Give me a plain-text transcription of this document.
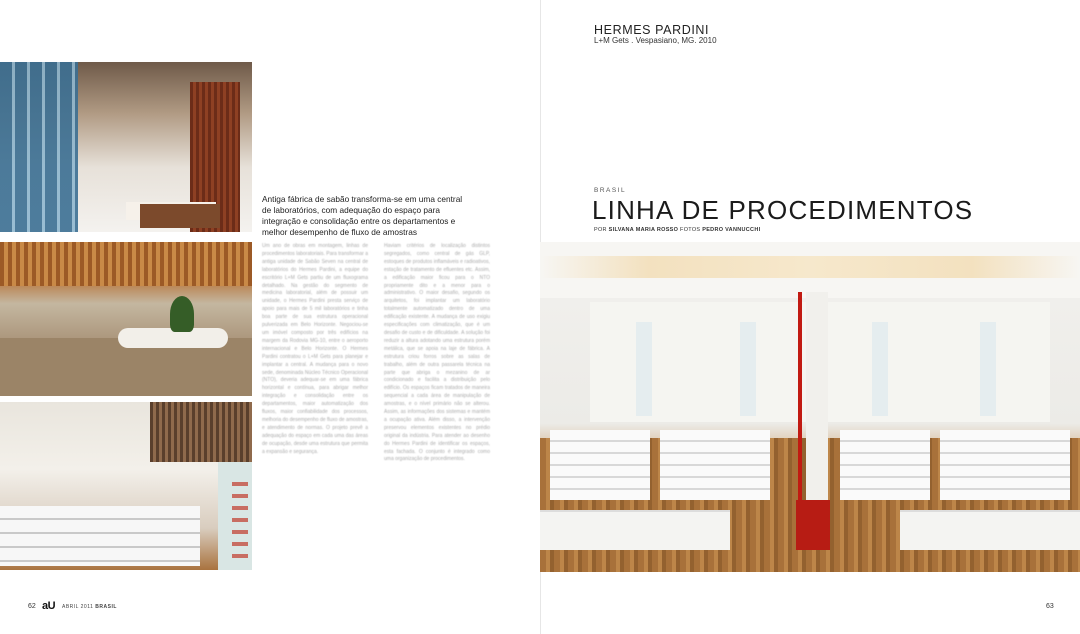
HERMES PARDINI
L+M Gets . Vespasiano, MG. 2010
BRASIL
LINHA DE PROCEDIMENTOS
POR SILVANA MARIA ROSSO FOTOS PEDRO VANNUCCHI
Antiga fábrica de sabão transforma-se em uma central de laboratórios, com adequação do espaço para integração e consolidação entre os departamentos e melhor desempenho de fluxo de amostras
Um ano de obras em montagem, linhas de procedimentos laboratoriais. Para transformar a antiga unidade de Sabão Seven na central de laboratórios do Hermes Pardini, a equipe do escritório L+M Gets partiu de um fluxograma detalhado. Na gestão do segmento de medicina laboratorial, além de possuir um unidade, o Hermes Pardini presta serviço de apoio para mais de 5 mil laboratórios e tinha boa parte de sua estrutura operacional pulverizada em Belo Horizonte. Negociou-se um imóvel composto por três edifícios na margem da Rodovia MG-10, entre o aeroporto internacional e Belo Horizonte. O Hermes Pardini contratou o L+M Gets para planejar e implantar a central. A mudança para o novo sede, denominada Núcleo Técnico Operacional (NTO), deveria adequar-se em uma fábrica horizontal e contínua, para abrigar melhor integração e consolidação entre os departamentos, maior automatização dos fluxos, maior confiabilidade dos processos, melhoria do desempenho de fluxo de amostras, e atendimento de normas. O projeto prevê a adequação do espaço em cada uma das áreas de ocupação, desde uma estrutura que permita a expansão e segurança.
Haviam critérios de localização distintos segregados, como central de gás GLP, estoques de produtos inflamáveis e radioativos, estação de tratamento de efluentes etc. Assim, a edificação maior ficou para o NTO propriamente dito e a menor para o administrativo. O maior desafio, segundo os arquitetos, foi implantar um laboratório totalmente automatizado dentro de uma edificação existente. A mudança de uso exigiu especificações com climatização, que é um desafio de custo e de dificuldade. A solução foi reduzir a altura adotando uma estrutura porém metálica, que se apoia na laje de fábrica. A estrutura criou forros sobre as salas de trabalho, além de outra passarela técnica na parte que abriga o mezanino de ar condicionado e facilita a distribuição pelo edifício. Os espaços ficam tratados de maneira sequencial a cada área de manipulação de amostras, e o nível primário não se alterou. Assim, as informações dos sistemas e mantém a ocupação ativa. Além disso, a intervenção preservou elementos existentes no prédio original da indústria. Para atender ao desenho do Hermes Pardini de identificar os espaços, esta fachada. O conjunto é integrado como uma organização de procedimentos.
62 aU ABRIL 2011 BRASIL	63
